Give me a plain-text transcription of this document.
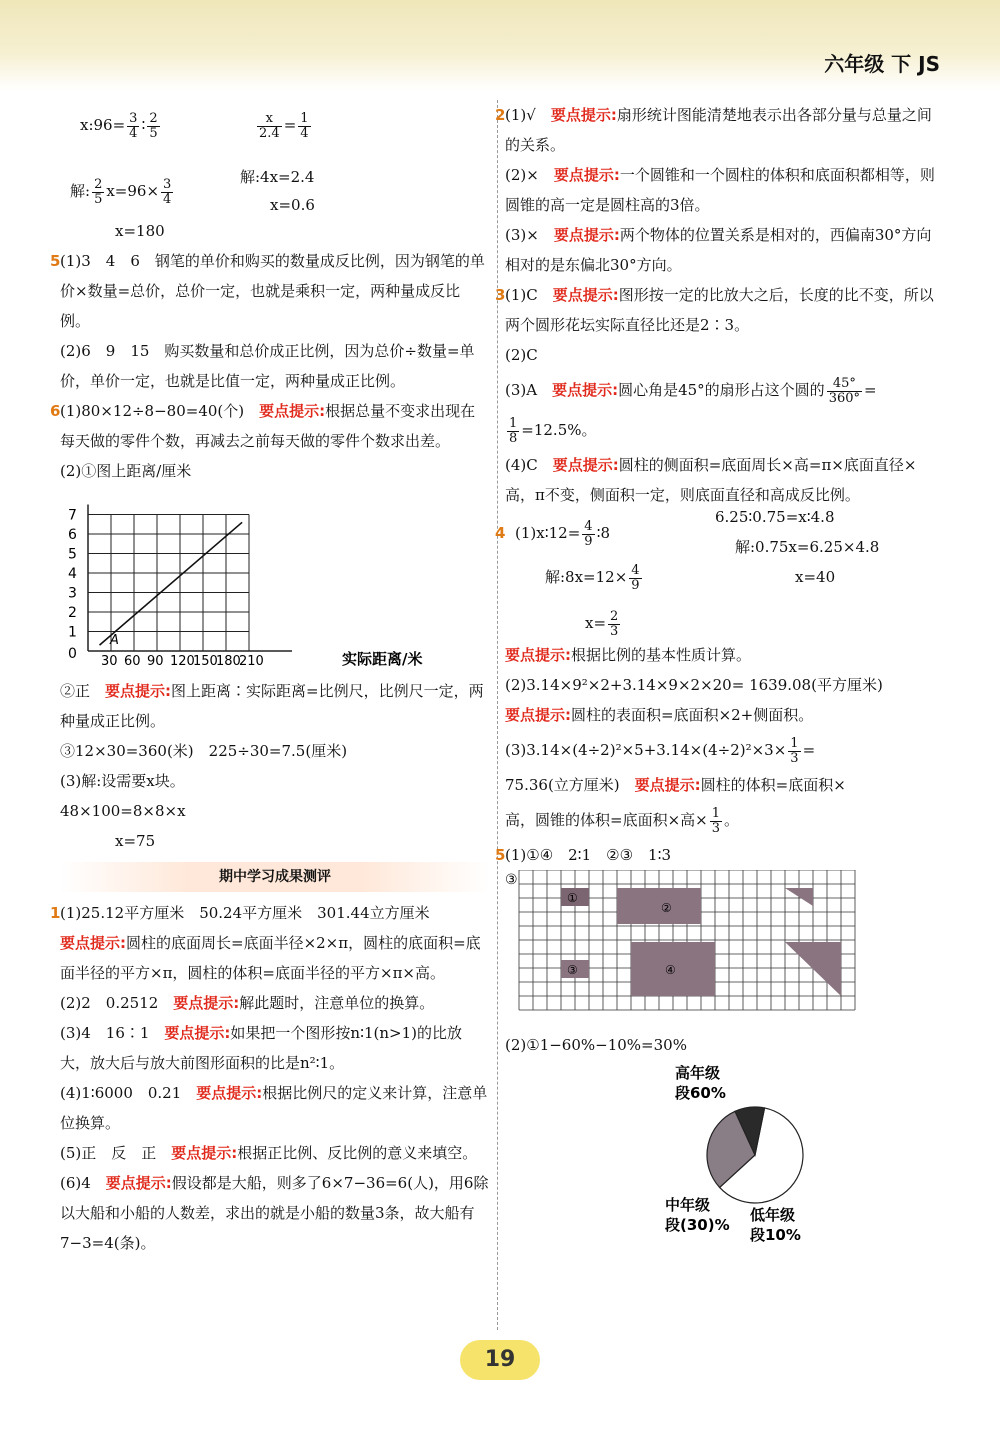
六年级 下 JS
x:96= $\frac{3}{4}$ ∶ $\frac{2}{5}$	$\frac{x}{2.4} = \frac{1}{4}$
解: $\frac{2}{5} x=96\times \frac{3}{4}$
解:4x=2.4
x=0.6
x=180
5 (1)3　4　6　钢笔的单价和购买的数量成反比例，因为钢笔的单价×数量=总价，总价一定，也就是乘积一定，两种量成反比例。
(2)6　9　15　购买数量和总价成正比例，因为总价÷数量=单价，单价一定，也就是比值一定，两种量成正比例。
6 (1)80×12÷8−80=40(个)　要点提示:根据总量不变求出现在每天做的零件个数，再减去之前每天做的零件个数求出差。
(2)①图上距离/厘米
1
2
3
4
5
6
7
30 60 90 120
150
180
210
A
0	实际距离/米
②正　要点提示:图上距离∶实际距离=比例尺，比例尺一定，两种量成正比例。
③12×30=360(米)　225÷30=7.5(厘米)
(3)解:设需要x块。
48×100=8×8×x
x=75
期中学习成果测评
1 (1)25.12平方厘米　50.24平方厘米　301.44立方厘米
要点提示:圆柱的底面周长=底面半径×2×π，圆柱的底面积=底面半径的平方×π，圆柱的体积=底面半径的平方×π×高。
(2)2　0.2512　要点提示:解此题时，注意单位的换算。
(3)4　16∶1　要点提示:如果把一个图形按n∶1(n>1)的比放大，放大后与放大前图形面积的比是n²∶1。
(4)1∶6000　0.21　要点提示:根据比例尺的定义来计算，注意单位换算。
(5)正　反　正　要点提示:根据正比例、反比例的意义来填空。
(6)4　要点提示:假设都是大船，则多了6×7−36=6(人)，用6除以大船和小船的人数差，求出的就是小船的数量3条，故大船有7−3=4(条)。
2 (1)√　要点提示:扇形统计图能清楚地表示出各部分量与总量之间的关系。
(2)×　要点提示:一个圆锥和一个圆柱的体积和底面积都相等，则圆锥的高一定是圆柱高的3倍。
(3)×　要点提示:两个物体的位置关系是相对的，西偏南30°方向相对的是东偏北30°方向。
3 (1)C　要点提示:图形按一定的比放大之后，长度的比不变，所以两个圆形花坛实际直径比还是2∶3。
(2)C
(3)A　要点提示:圆心角是45°的扇形占这个圆的 $\frac{45^\circ}{360^\circ}$ =
$\frac{1}{8} =12.5\%$。
(4)C　要点提示:圆柱的侧面积=底面周长×高=π×底面直径×高，π不变，侧面积一定，则底面直径和高成反比例。
4 (1)x∶12= $\frac{4}{9}$ ∶8
6.25∶0.75=x∶4.8
解:8x=12× $\frac{4}{9}$
解:0.75x=6.25×4.8
x=40
$x= \frac{2}{3}$
要点提示:根据比例的基本性质计算。
(2)3.14×9²×2+3.14×9×2×20= 1639.08(平方厘米)
要点提示:圆柱的表面积=底面积×2+侧面积。
$(3)3.14\times(4\div 2)^2\times 5+3.14\times(4\div 2)^2\times 3\times \frac{1}{3}$ =
75.36(立方厘米)　要点提示:圆柱的体积=底面积×
高，圆锥的体积=底面积×高× $\frac{1}{3}$ 。
5 (1)①④　2∶1　②③　1∶3
③
①
②
③	④
(2)①1−60%−10%=30%
高年级
段60%
中年级
段(30)%
低年级
段10%
19
